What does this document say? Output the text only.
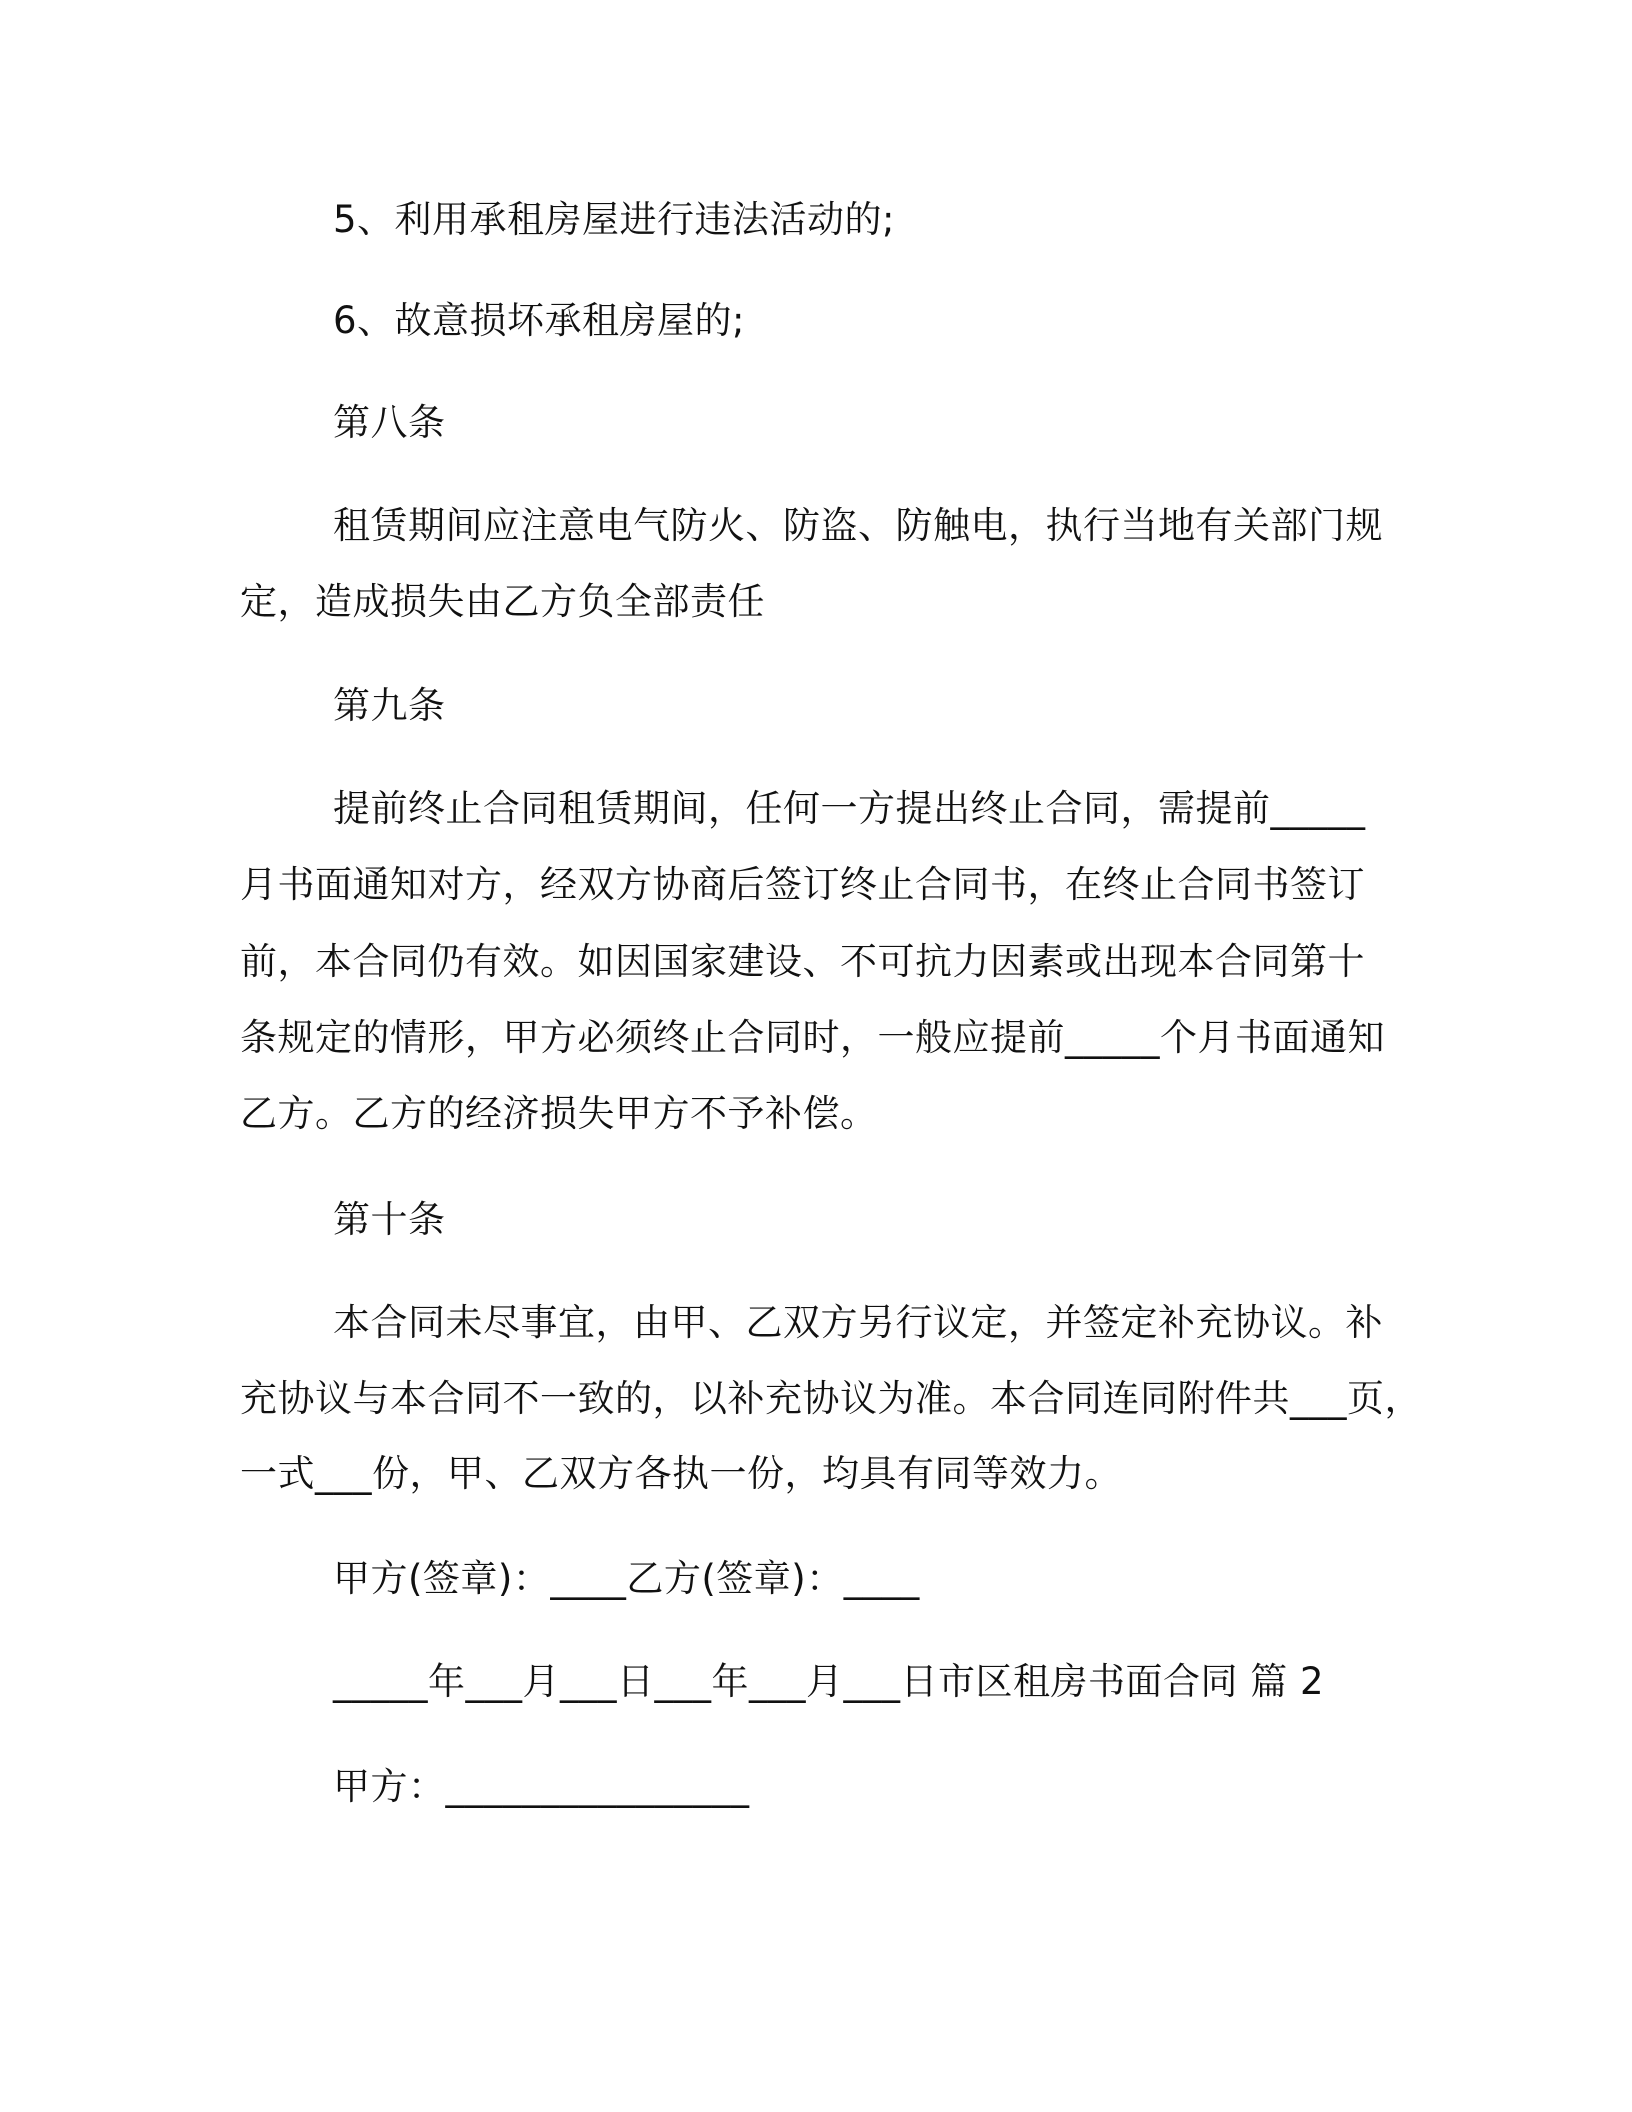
5、利用承租房屋进行违法活动的;
6、故意损坏承租房屋的;
第八条
租赁期间应注意电气防火、防盗、防触电，执行当地有关部门规
定，造成损失由乙方负全部责任
第九条
提前终止合同租赁期间，任何一方提出终止合同，需提前_____
月书面通知对方，经双方协商后签订终止合同书，在终止合同书签订
前，本合同仍有效。如因国家建设、不可抗力因素或出现本合同第十
条规定的情形，甲方必须终止合同时，一般应提前_____个月书面通知
乙方。乙方的经济损失甲方不予补偿。
第十条
本合同未尽事宜，由甲、乙双方另行议定，并签定补充协议。补
充协议与本合同不一致的，以补充协议为准。本合同连同附件共___页，
一式___份，甲、乙双方各执一份，均具有同等效力。
甲方(签章)：____乙方(签章)：____
_____年___月___日___年___月___日市区租房书面合同 篇 2
甲方：________________
